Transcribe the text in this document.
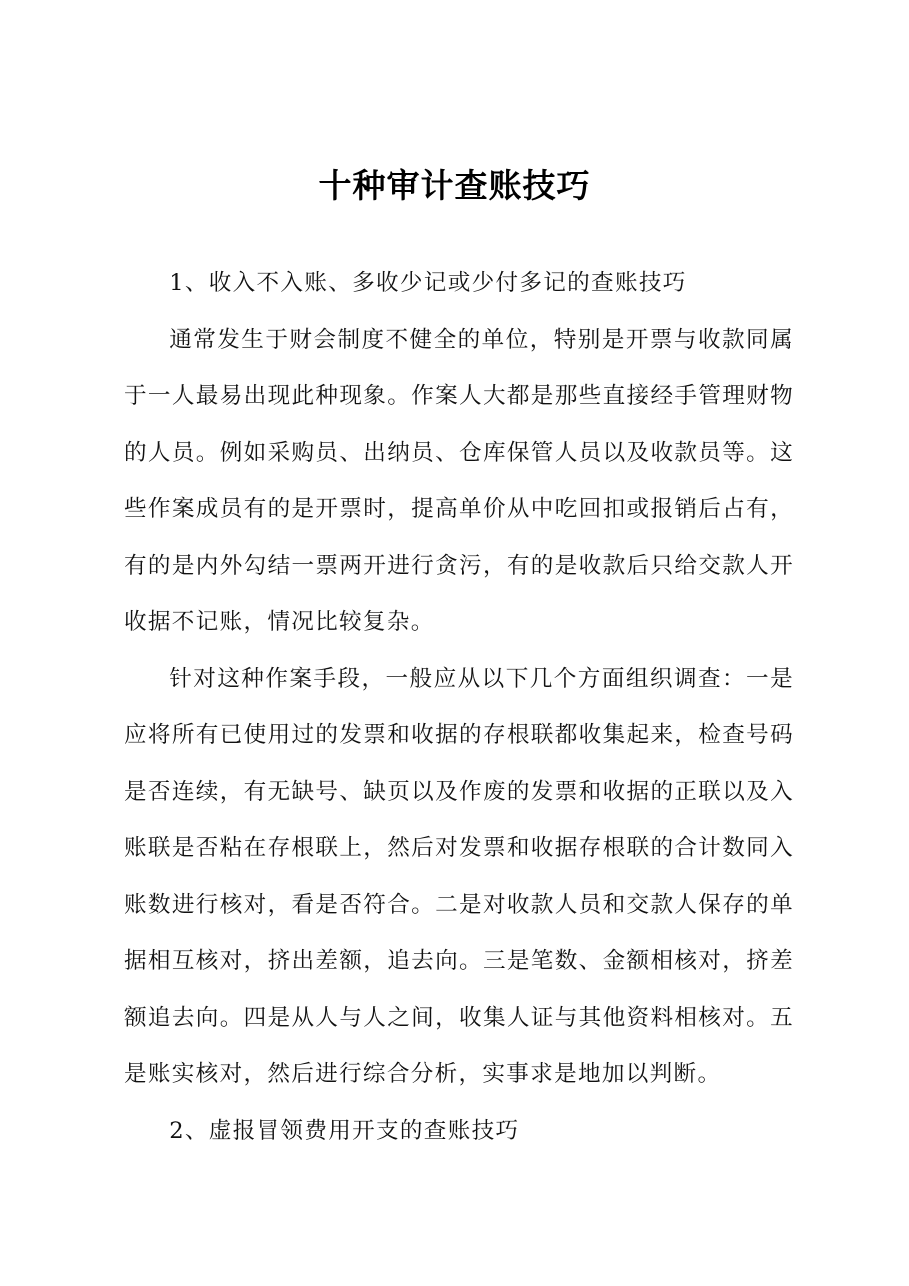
十种审计查账技巧

1、收入不入账、多收少记或少付多记的查账技巧

通常发生于财会制度不健全的单位，特别是开票与收款同属于一人最易出现此种现象。作案人大都是那些直接经手管理财物的人员。例如采购员、出纳员、仓库保管人员以及收款员等。这些作案成员有的是开票时，提高单价从中吃回扣或报销后占有，有的是内外勾结一票两开进行贪污，有的是收款后只给交款人开收据不记账，情况比较复杂。

针对这种作案手段，一般应从以下几个方面组织调查：一是应将所有已使用过的发票和收据的存根联都收集起来，检查号码是否连续，有无缺号、缺页以及作废的发票和收据的正联以及入账联是否粘在存根联上，然后对发票和收据存根联的合计数同入账数进行核对，看是否符合。二是对收款人员和交款人保存的单据相互核对，挤出差额，追去向。三是笔数、金额相核对，挤差额追去向。四是从人与人之间，收集人证与其他资料相核对。五是账实核对，然后进行综合分析，实事求是地加以判断。

2、虚报冒领费用开支的查账技巧
